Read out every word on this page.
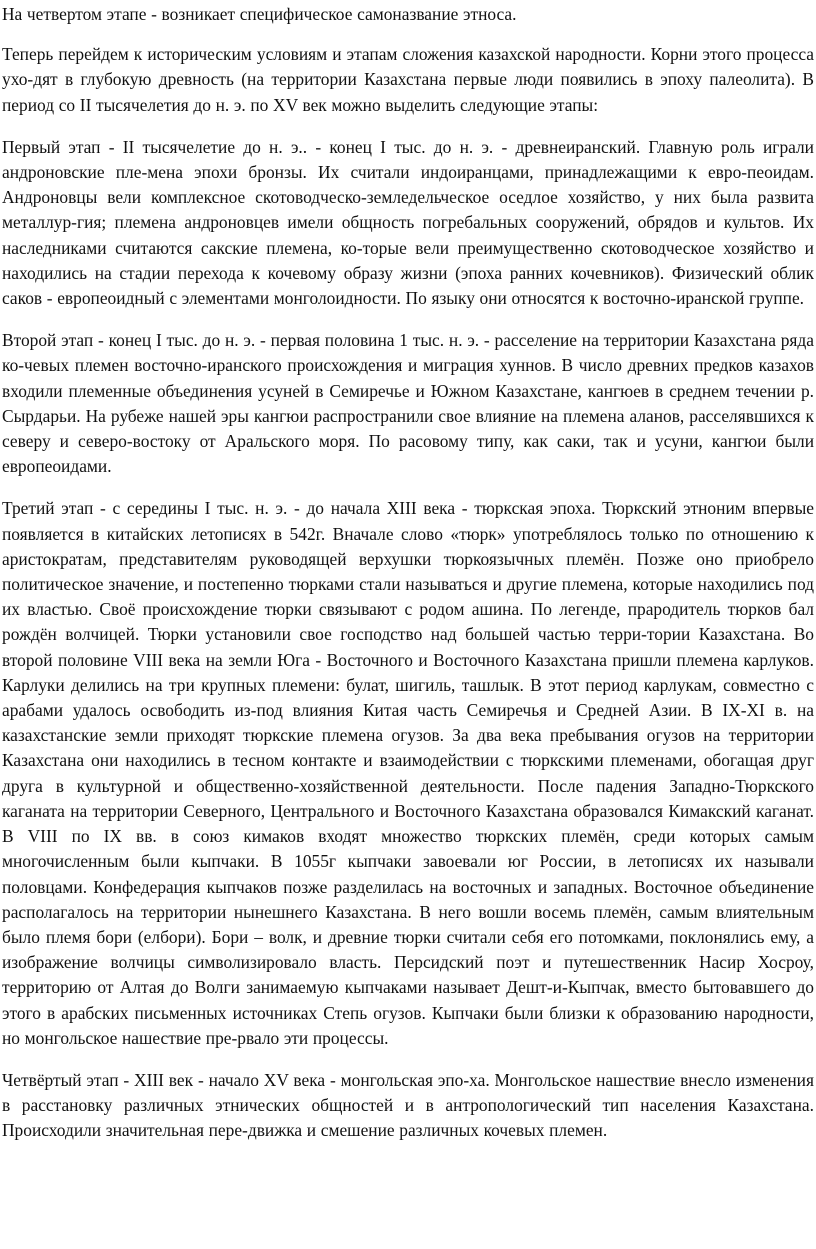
На четвертом этапе - возникает специфическое самоназвание этноса.

Теперь перейдем к историческим условиям и этапам сложения казахской народности. Корни этого процесса ухо-дят в глубокую древность (на территории Казахстана первые люди появились в эпоху палеолита). В период со II тысячелетия до н. э. по XV век можно выделить следующие этапы:

Первый этап - II тысячелетие до н. э.. - конец I тыс. до н. э. - древнеиранский. Главную роль играли андроновские пле-мена эпохи бронзы. Их считали индоиранцами, принадлежащими к евро-пеоидам. Андроновцы вели комплексное скотоводческо-земледельческое оседлое хозяйство, у них была развита металлур-гия; племена андроновцев имели общность погребальных сооружений, обрядов и культов. Их наследниками считаются сакские племена, ко-торые вели преимущественно скотоводческое хозяйство и находились на стадии перехода к кочевому образу жизни (эпоха ранних кочевников). Физический облик саков - европеоидный с элементами монголоидности. По языку они относятся к восточно-иранской группе.

Второй этап - конец I тыс. до н. э. - первая половина 1 тыс. н. э. - расселение на территории Казахстана ряда ко-чевых племен восточно-иранского происхождения и миграция хуннов. В число древних предков казахов входили племенные объединения усуней в Семиречье и Южном Казахстане, кангюев в среднем течении р. Сырдарьи. На рубеже нашей эры кангюи распространили свое влияние на племена аланов, расселявшихся к северу и северо-востоку от Аральского моря. По расовому типу, как саки, так и усуни, кангюи были европеоидами.

Третий этап - с середины I тыс. н. э. - до начала XIII века - тюркская эпоха. Тюркский этноним впервые появляется в китайских летописях в 542г. Вначале слово «тюрк» употреблялось только по отношению к аристократам, представителям руководящей верхушки тюркоязычных племён. Позже оно приобрело политическое значение, и постепенно тюрками стали называться и другие племена, которые находились под их властью. Своё происхождение тюрки связывают с родом ашина. По легенде, прародитель тюрков бал рождён волчицей. Тюрки установили свое господство над большей частью терри-тории Казахстана. Во второй половине VIII века на земли Юга - Восточного и Восточного Казахстана пришли племена карлуков. Карлуки делились на три крупных племени: булат, шигиль, ташлык. В этот период карлукам, совместно с арабами удалось освободить из-под влияния Китая часть Семиречья и Средней Азии. В IX-XI в. на казахстанские земли приходят тюркские племена огузов. За два века пребывания огузов на территории Казахстана они находились в тесном контакте и взаимодействии с тюркскими племенами, обогащая друг друга в культурной и общественно-хозяйственной деятельности. После падения Западно-Тюркского каганата на территории Северного, Центрального и Восточного Казахстана образовался Кимакский каганат. В VIII по IX вв. в союз кимаков входят множество тюркских племён, среди которых самым многочисленным были кыпчаки. В 1055г кыпчаки завоевали юг России, в летописях их называли половцами. Конфедерация кыпчаков позже разделилась на восточных и западных. Восточное объединение располагалось на территории нынешнего Казахстана. В него вошли восемь племён, самым влиятельным было племя бори (елбори). Бори – волк, и древние тюрки считали себя его потомками, поклонялись ему, а изображение волчицы символизировало власть. Персидский поэт и путешественник Насир Хосроу, территорию от Алтая до Волги занимаемую кыпчаками называет Дешт-и-Кыпчак, вместо бытовавшего до этого в арабских письменных источниках Степь огузов. Кыпчаки были близки к образованию народности, но монгольское нашествие пре-рвало эти процессы.

Четвёртый этап - XIII век - начало XV века - монгольская эпо-ха. Монгольское нашествие внесло изменения в расстановку различных этнических общностей и в антропологический тип населения Казахстана. Происходили значительная пере-движка и смешение различных кочевых племен.
